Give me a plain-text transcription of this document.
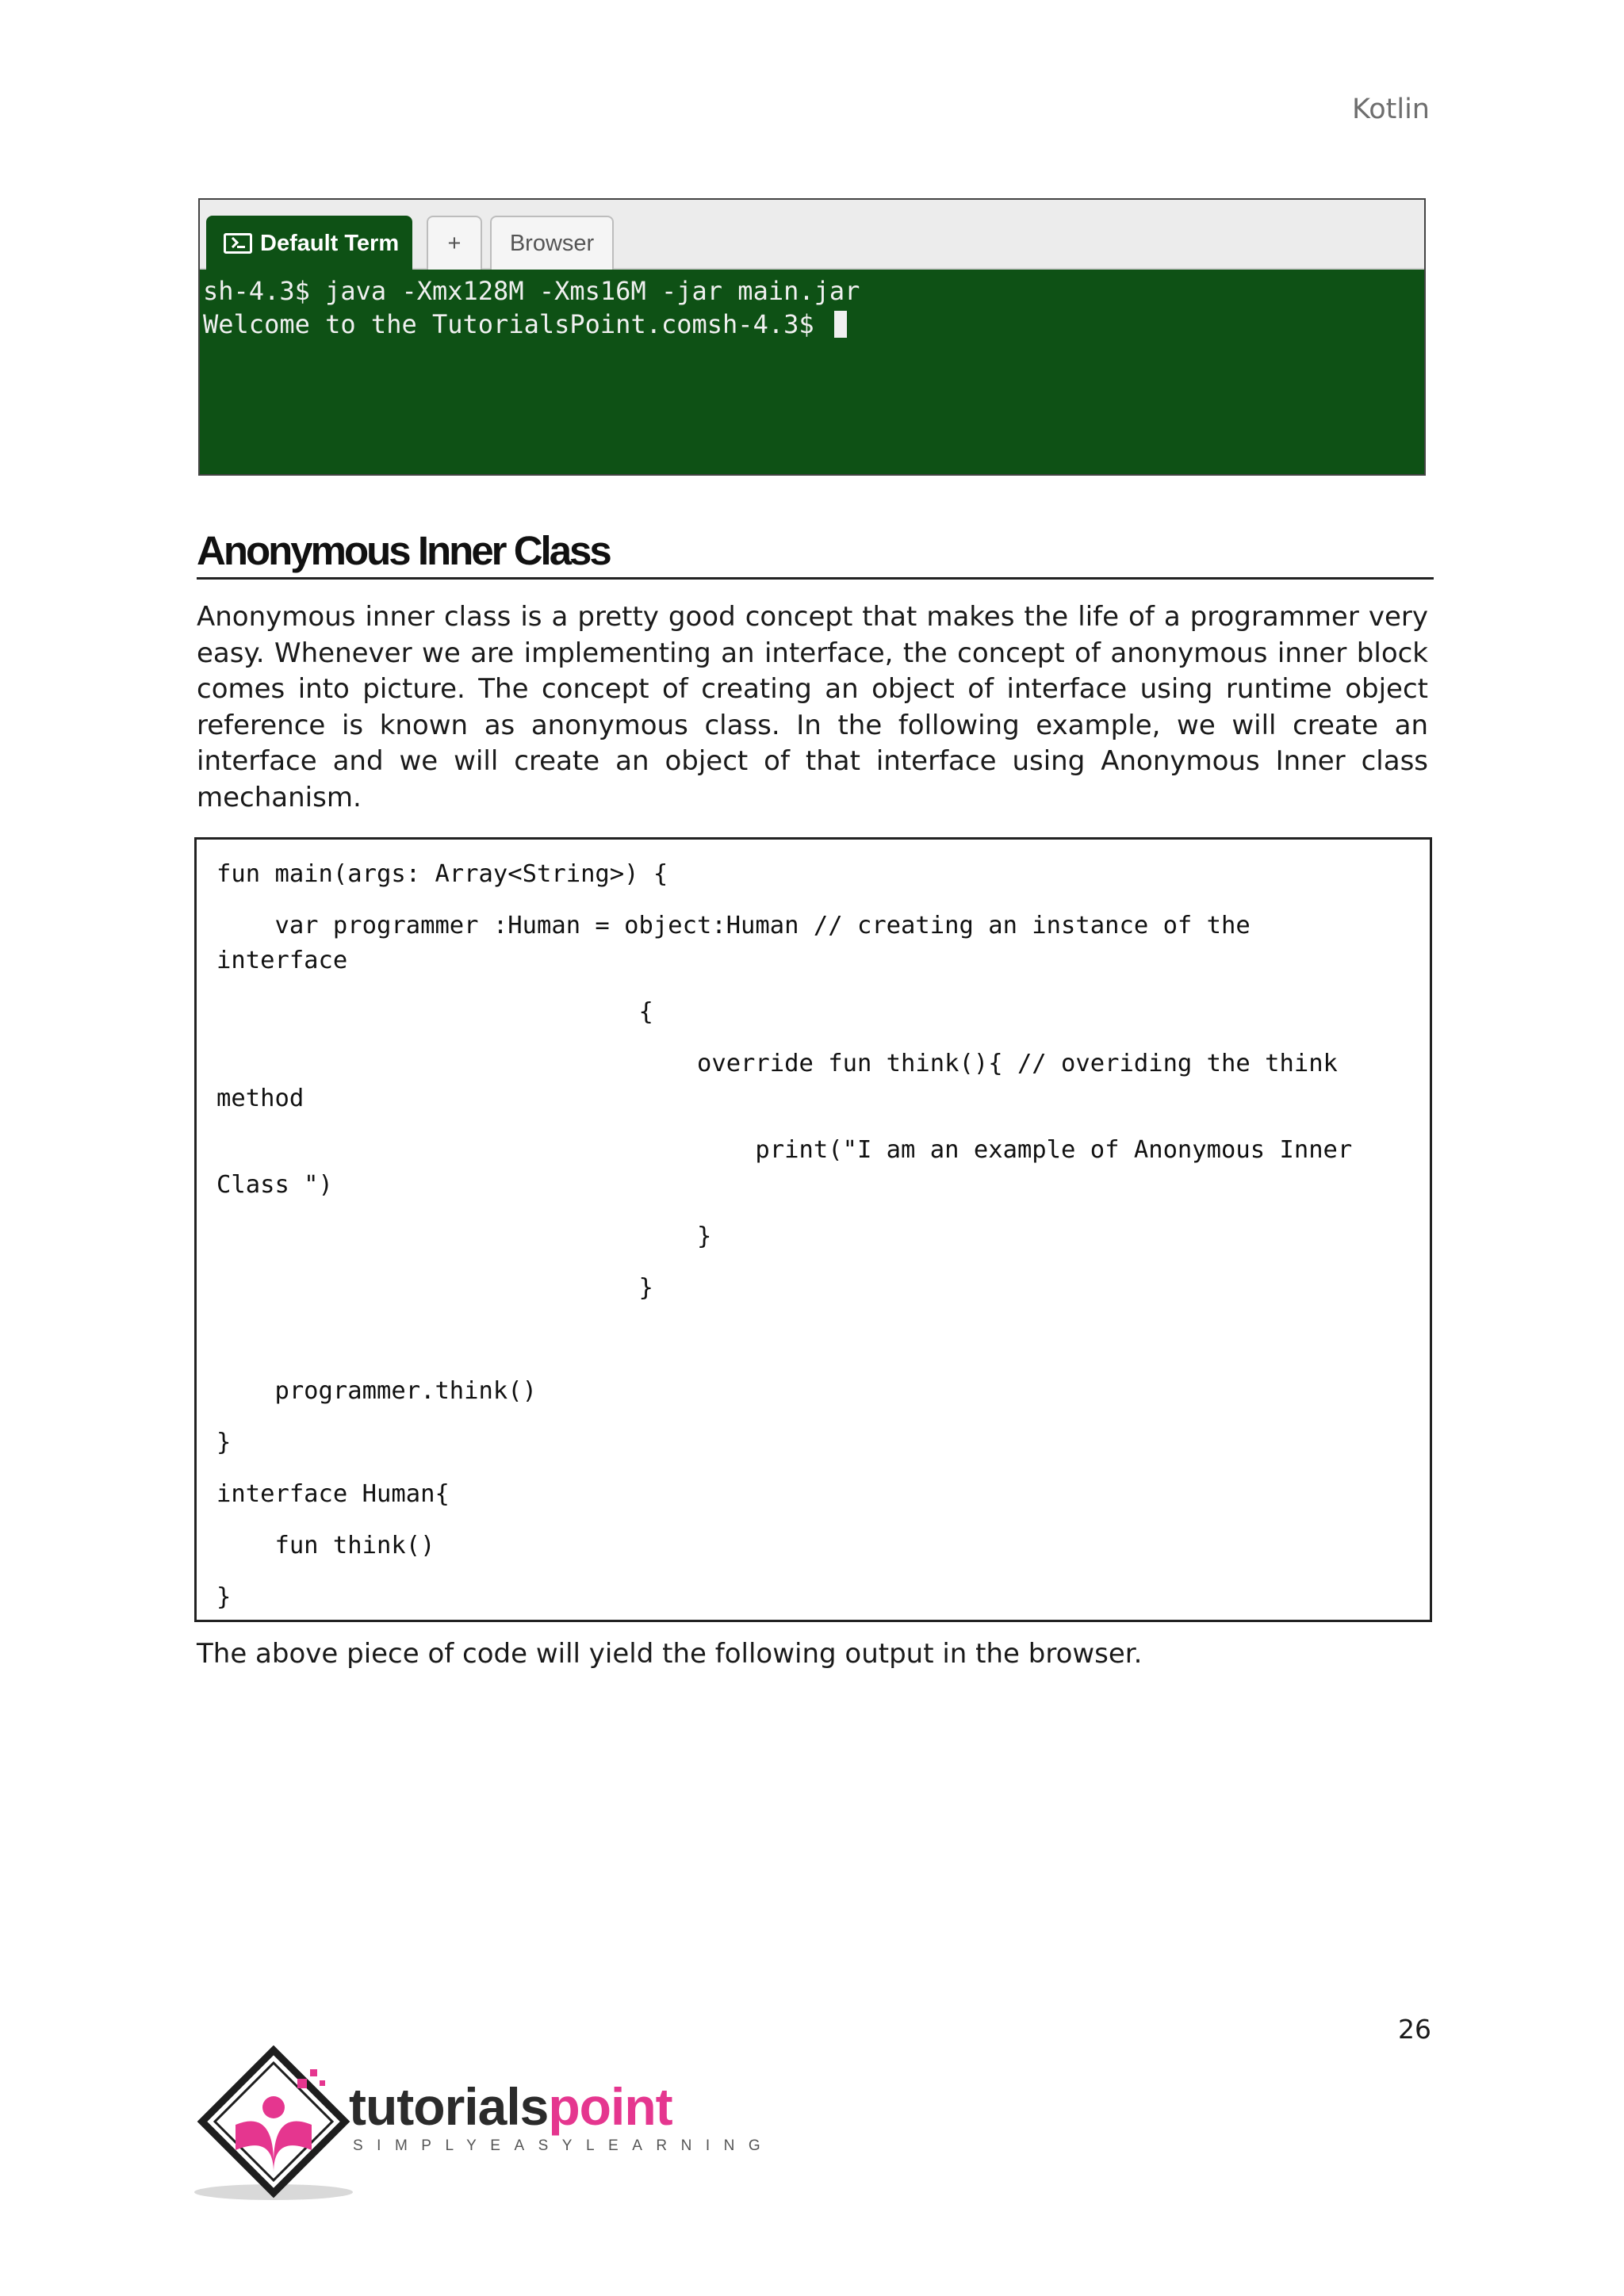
Kotlin
Default Term	+	Browser
sh-4.3$ java -Xmx128M -Xms16M -jar main.jar
Welcome to the TutorialsPoint.comsh-4.3$
Anonymous Inner Class

Anonymous inner class is a pretty good concept that makes the life of a programmer very easy. Whenever we are implementing an interface, the concept of anonymous inner block comes into picture. The concept of creating an object of interface using runtime object reference is known as anonymous class. In the following example, we will create an interface and we will create an object of that interface using Anonymous Inner class mechanism.

fun main(args: Array<String>) {
var programmer :Human = object:Human // creating an instance of the
interface
{
override fun think(){ // overiding the think
method
print("I am an example of Anonymous Inner
Class ")
}
}
programmer.think()
}
interface Human{
fun think()
}
The above piece of code will yield the following output in the browser.
26
tutorialspoint
SIMPLYEASYLEARNING
